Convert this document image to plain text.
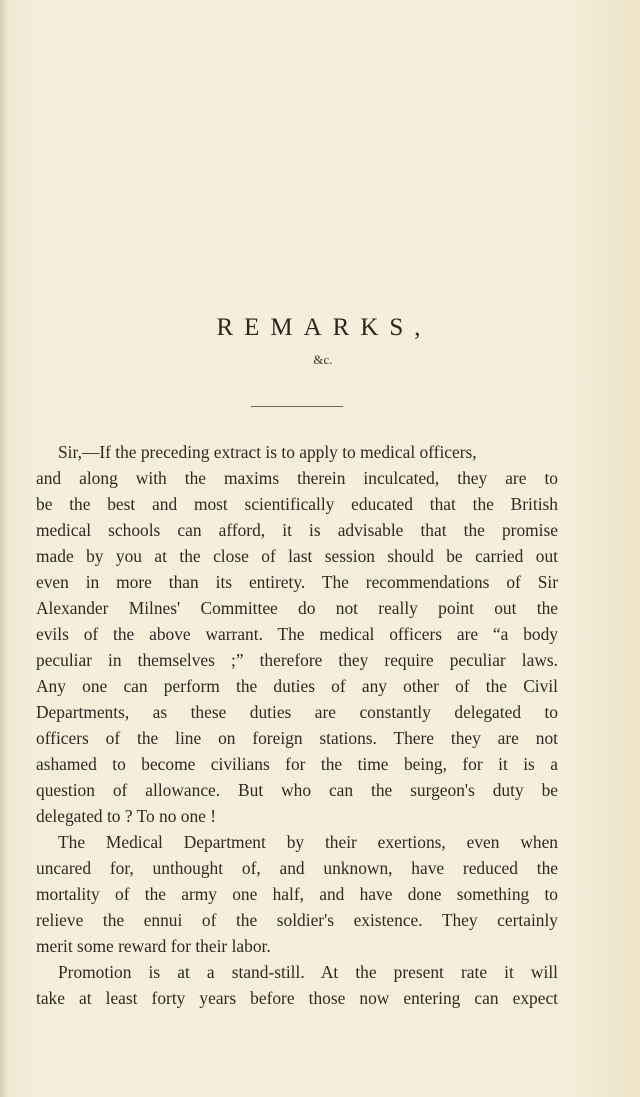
REMARKS,
&c.
Sir,—If the preceding extract is to apply to medical officers,
and along with the maxims therein inculcated, they are to
be the best and most scientifically educated that the British
medical schools can afford, it is advisable that the promise
made by you at the close of last session should be carried out
even in more than its entirety. The recommendations of Sir
Alexander Milnes' Committee do not really point out the
evils of the above warrant. The medical officers are “a body
peculiar in themselves ;” therefore they require peculiar laws.
Any one can perform the duties of any other of the Civil
Departments, as these duties are constantly delegated to
officers of the line on foreign stations. There they are not
ashamed to become civilians for the time being, for it is a
question of allowance. But who can the surgeon's duty be
delegated to ? To no one !
The Medical Department by their exertions, even when
uncared for, unthought of, and unknown, have reduced the
mortality of the army one half, and have done something to
relieve the ennui of the soldier's existence. They certainly
merit some reward for their labor.
Promotion is at a stand-still. At the present rate it will
take at least forty years before those now entering can expect
